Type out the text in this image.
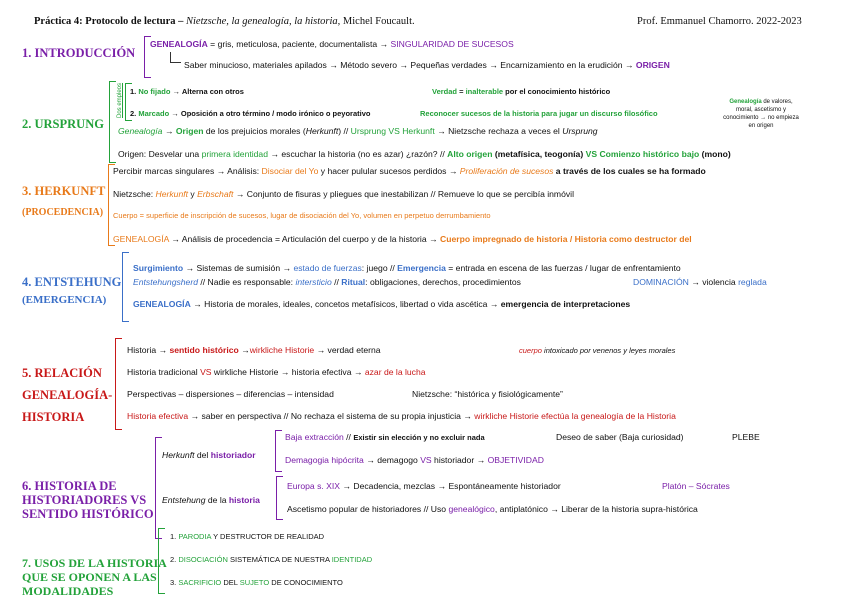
Práctica 4: Protocolo de lectura – Nietzsche, la genealogía, la historia, Michel Foucault.	Prof. Emmanuel Chamorro. 2022-2023
1. INTRODUCCIÓN
GENEALOGÍA = gris, meticulosa, paciente, documentalista → SINGULARIDAD DE SUCESOS
Saber minucioso, materiales apilados → Método severo → Pequeñas verdades → Encarnizamiento en la erudición → ORIGEN
2. URSPRUNG
Dos empleos 1. No fijado → Alterna con otros	Verdad = inalterable por el conocimiento histórico
2. Marcado → Oposición a otro término / modo irónico o peyorativo	Reconocer sucesos de la historia para jugar un discurso filosófico
Genealogía → Origen de los prejuicios morales (Herkunft) // Ursprung VS Herkunft → Nietzsche rechaza a veces el Ursprung
Genealogía de valores, moral, ascetismo y conocimiento → no empieza en origen
Origen: Desvelar una primera identidad → escuchar la historia (no es azar) ¿razón? // Alto origen (metafísica, teogonía) VS Comienzo histórico bajo (mono)
3. HERKUNFT
(PROCEDENCIA)
Percibir marcas singulares → Análisis: Disociar del Yo y hacer pulular sucesos perdidos → Proliferación de sucesos a través de los cuales se ha formado
Nietzsche: Herkunft y Erbschaft → Conjunto de fisuras y pliegues que inestabilizan // Remueve lo que se percibía inmóvil
Cuerpo = superficie de inscripción de sucesos, lugar de disociación del Yo, volumen en perpetuo derrumbamiento
GENEALOGÍA → Análisis de procedencia = Articulación del cuerpo y de la historia → Cuerpo impregnado de historia / Historia como destructor del
4. ENTSTEHUNG
(EMERGENCIA)
Surgimiento → Sistemas de sumisión → estado de fuerzas: juego // Emergencia = entrada en escena de las fuerzas / lugar de enfrentamiento
Entstehungsherd // Nadie es responsable: intersticio // Ritual: obligaciones, derechos, procedimientos	DOMINACIÓN → violencia reglada
GENEALOGÍA → Historia de morales, ideales, concetos metafísicos, libertad o vida ascética → emergencia de interpretaciones
5. RELACIÓN
GENEALOGÍA-
HISTORIA
Historia → sentido histórico →wirkliche Historie → verdad eterna	cuerpo intoxicado por venenos y leyes morales
Historia tradicional VS wirkliche Historie → historia efectiva → azar de la lucha
Perspectivas – dispersiones – diferencias – intensidad	Nietzsche: “histórica y fisiológicamente”
Historia efectiva → saber en perspectiva // No rechaza el sistema de su propia injusticia → wirkliche Historie efectúa la genealogía de la Historia
6. HISTORIA DE
HISTORIADORES VS
SENTIDO HISTÓRICO
Herkunft del historiador
Baja extracción // Existir sin elección y no excluir nada	Deseo de saber (Baja curiosidad)	PLEBE
Demagogia hipócrita → demagogo VS historiador → OBJETIVIDAD
Entstehung de la historia
Europa s. XIX → Decadencia, mezclas → Espontáneamente historiador	Platón – Sócrates
Ascetismo popular de historiadores // Uso genealógico, antiplatónico → Liberar de la historia supra-histórica
7. USOS DE LA HISTORIA
QUE SE OPONEN A LAS
MODALIDADES
1. PARODIA Y DESTRUCTOR DE REALIDAD
2. DISOCIACIÓN SISTEMÁTICA DE NUESTRA IDENTIDAD
3. SACRIFICIO DEL SUJETO DE CONOCIMIENTO
